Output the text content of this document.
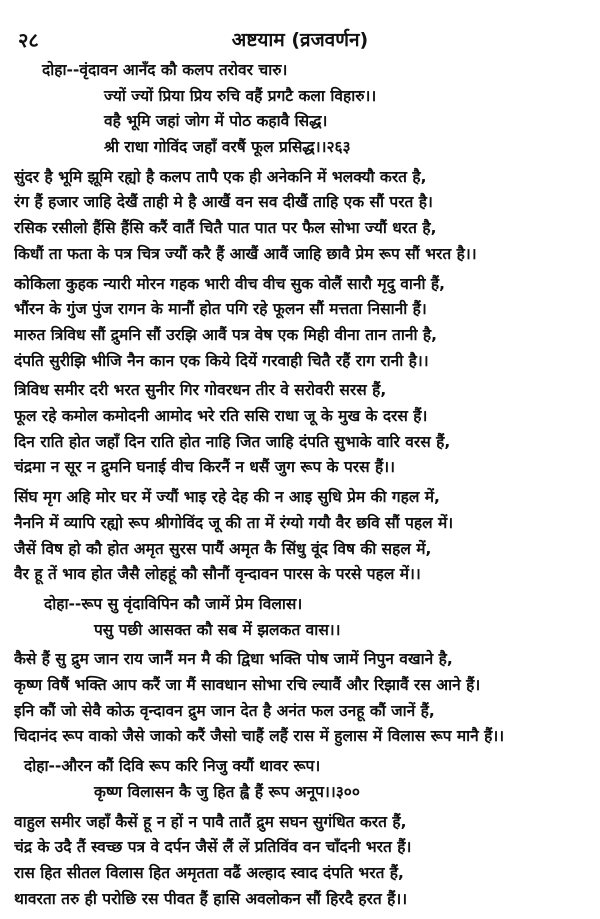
२८	अष्टयाम (व्रजवर्णन)
दोहा--वृंदावन आनँद कौ कलप तरोवर चारु।
ज्यों ज्यों प्रिया प्रिय रुचि वहैं प्रगटै कला विहारु।।
वहै भूमि जहां जोग में पोठ कहावै सिद्ध।
श्री राधा गोविंद जहाँ वरषैं फूल प्रसिद्ध।।२६३
सुंदर है भूमि झूमि रह्यो है कलप तापै एक ही अनेकनि में भलक्यौ करत है,
रंग हैं हजार जाहि देखैं ताही मे है आखैं वन सव दीखैं ताहि एक सौं परत है।
रसिक रसीलो हैंसि हैंसि करैं वातैं चितै पात पात पर फैल सोभा ज्यौं धरत है,
किधौं ता फता के पत्र चित्र ज्यौं करै हैं आखैं आवैं जाहि छावै प्रेम रूप सौं भरत है।।
कोकिला कुहक न्यारी मोरन गहक भारी वीच वीच सुक वोलैं सारौ मृदु वानी हैं,
भौंरन के गुंज पुंज रागन के मानौं होत पगि रहे फूलन सौं मत्तता निसानी हैं।
मारुत त्रिविध सौं द्रुमनि सौं उरझि आवैं पत्र वेष एक मिही वीना तान तानी है,
दंपति सुरीझि भीजि नैन कान एक किये दियें गरवाही चितै रहैं राग रानी है।।
त्रिविध समीर दरी भरत सुनीर गिर गोवरधन तीर वे सरोवरी सरस हैं,
फूल रहे कमोल कमोदनी आमोद भरे रति ससि राधा जू के मुख के दरस हैं।
दिन राति होत जहाँ दिन राति होत नाहि जित जाहि दंपति सुभाके वारि वरस हैं,
चंद्रमा न सूर न द्रुमनि घनाई वीच किरनैं न धसैं जुग रूप के परस हैं।।
सिंघ मृग अहि मोर घर में ज्यौं भाइ रहे देह की न आइ सुधि प्रेम की गहल में,
नैननि में व्यापि रह्यो रूप श्रीगोविंद जू की ता में रंग्यो गयौ वैर छवि सौं पहल में।
जैसें विष हो कौ होत अमृत सुरस पायैं अमृत कै सिंधु वूंद विष की सहल में,
वैर हू तें भाव होत जैसै लोहहूं कौ सौनौं वृन्दावन पारस के परसे पहल में।।
दोहा--रूप सु वृंदाविपिन कौ जामें प्रेम विलास।
पसु पछी आसक्त कौ सब में झलकत वास।।
कैसे हैं सु द्रुम जान राय जानैं मन मै की द्विधा भक्ति पोष जामें निपुन वखाने है,
कृष्ण विषैं भक्ति आप करैं जा मैं सावधान सोभा रचि ल्यावैं और रिझावैं रस आने हैं।
इनि कौं जो सेवै कोऊ वृन्दावन द्रुम जान देत है अनंत फल उनहू कौं जानें हैं,
चिदानंद रूप वाको जैसे जाको करैं जैसो चाहैं लहैं रास में हुलास में विलास रूप मानै हैं।।
दोहा--औरन कौं दिवि रूप करि निजु क्यौं थावर रूप।
कृष्ण विलासन कै जु हित ह्वै हैं रूप अनूप।।३००
वाहुल समीर जहाँ कैसें हू न हों न पावै तातैं द्रुम सघन सुगंधित करत हैं,
चंद्र के उदै तैं स्वच्छ पत्र वे दर्पन जैसें लैं लें प्रतिविंव वन चाँदनी भरत हैं।
रास हित सीतल विलास हित अमृतता वढैं अल्हाद स्वाद दंपति भरत हैं,
थावरता तरु ही परोछि रस पीवत हैं हासि अवलोकन सौं हिरदै हरत हैं।।
